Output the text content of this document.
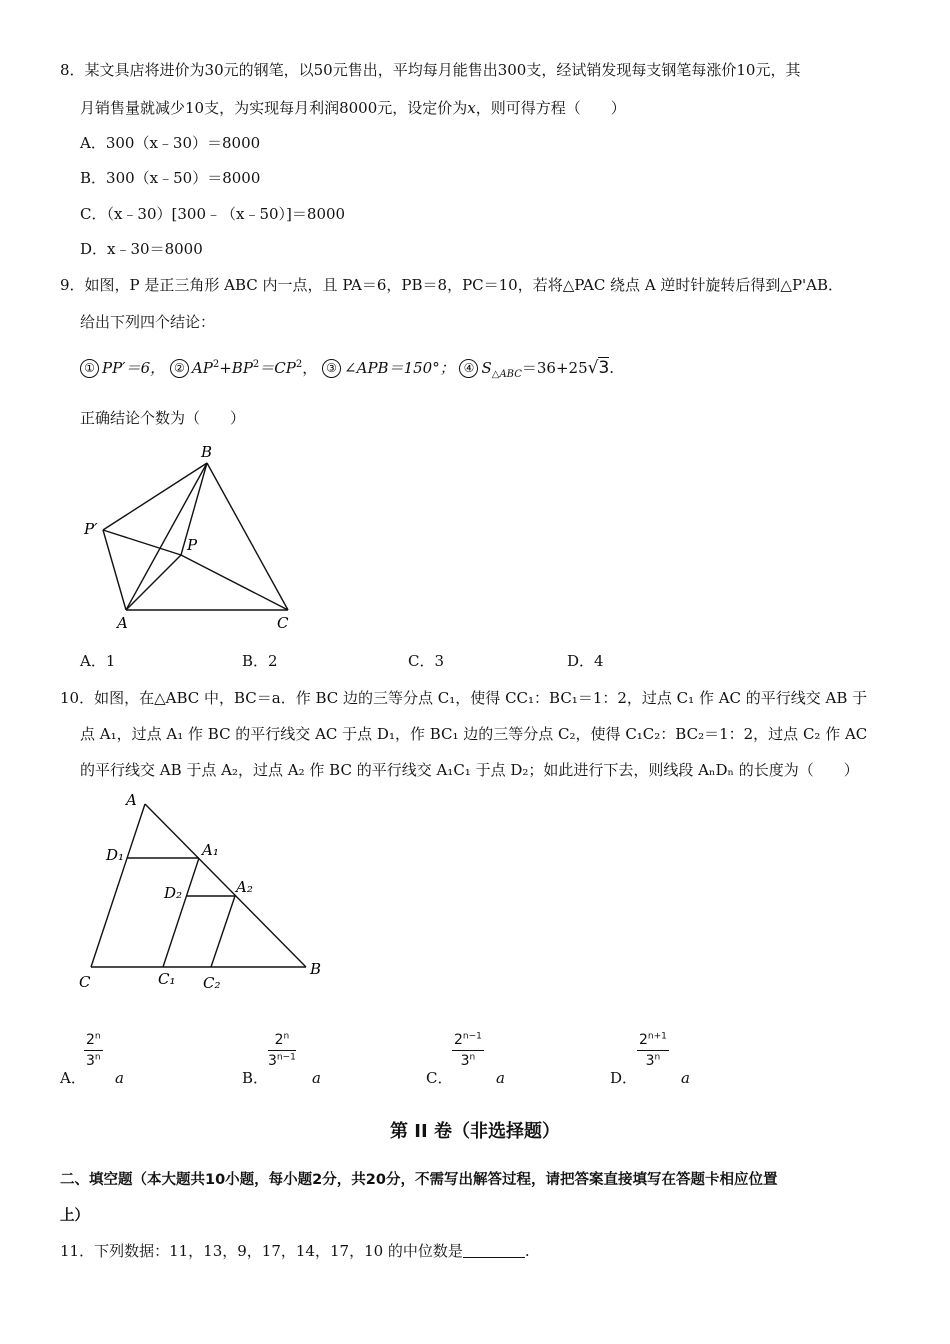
8．某文具店将进价为30元的钢笔，以50元售出，平均每月能售出300支，经试销发现每支钢笔每涨价10元，其
月销售量就减少10支，为实现每月利润8000元，设定价为x，则可得方程（　　）
A．300（x﹣30）＝8000
B．300（x﹣50）＝8000
C．（x﹣30）[300﹣（x﹣50）]＝8000
D．x﹣30＝8000
9．如图，P 是正三角形 ABC 内一点，且 PA＝6，PB＝8，PC＝10，若将△PAC 绕点 A 逆时针旋转后得到△P'AB．
给出下列四个结论：
① PP′＝6， ② $AP^2+BP^2=CP^2$， ③ ∠APB＝150°； ④ $S_{\triangle ABC}=36+25√3$.
正确结论个数为（　　）
B
P′
P
A	C
A．1	B．2	C．3	D．4
10．如图，在△ABC 中，BC＝a．作 BC 边的三等分点 C₁，使得 CC₁：BC₁＝1：2，过点 C₁ 作 AC 的平行线交 AB 于
点 A₁，过点 A₁ 作 BC 的平行线交 AC 于点 D₁，作 BC₁ 边的三等分点 C₂，使得 C₁C₂：BC₂＝1：2，过点 C₂ 作 AC
的平行线交 AB 于点 A₂，过点 A₂ 作 BC 的平行线交 A₁C₁ 于点 D₂；如此进行下去，则线段 AₙDₙ 的长度为（　　）
A
D₁	A₁
D₂	A₂
C	C₁ C₂
B
A．
$\frac{2^n}{3^n}$
a	B．
$\frac{2^n}{3^{n-1}}$
a	C．
$\frac{2^{n-1}}{3^n}$
a	D．
$\frac{2^{n+1}}{3^n}$
a
第 II 卷（非选择题）
二、填空题（本大题共10小题，每小题2分，共20分，不需写出解答过程，请把答案直接填写在答题卡相应位置
上）
11．下列数据：11，13，9，17，14，17，10 的中位数是	.
